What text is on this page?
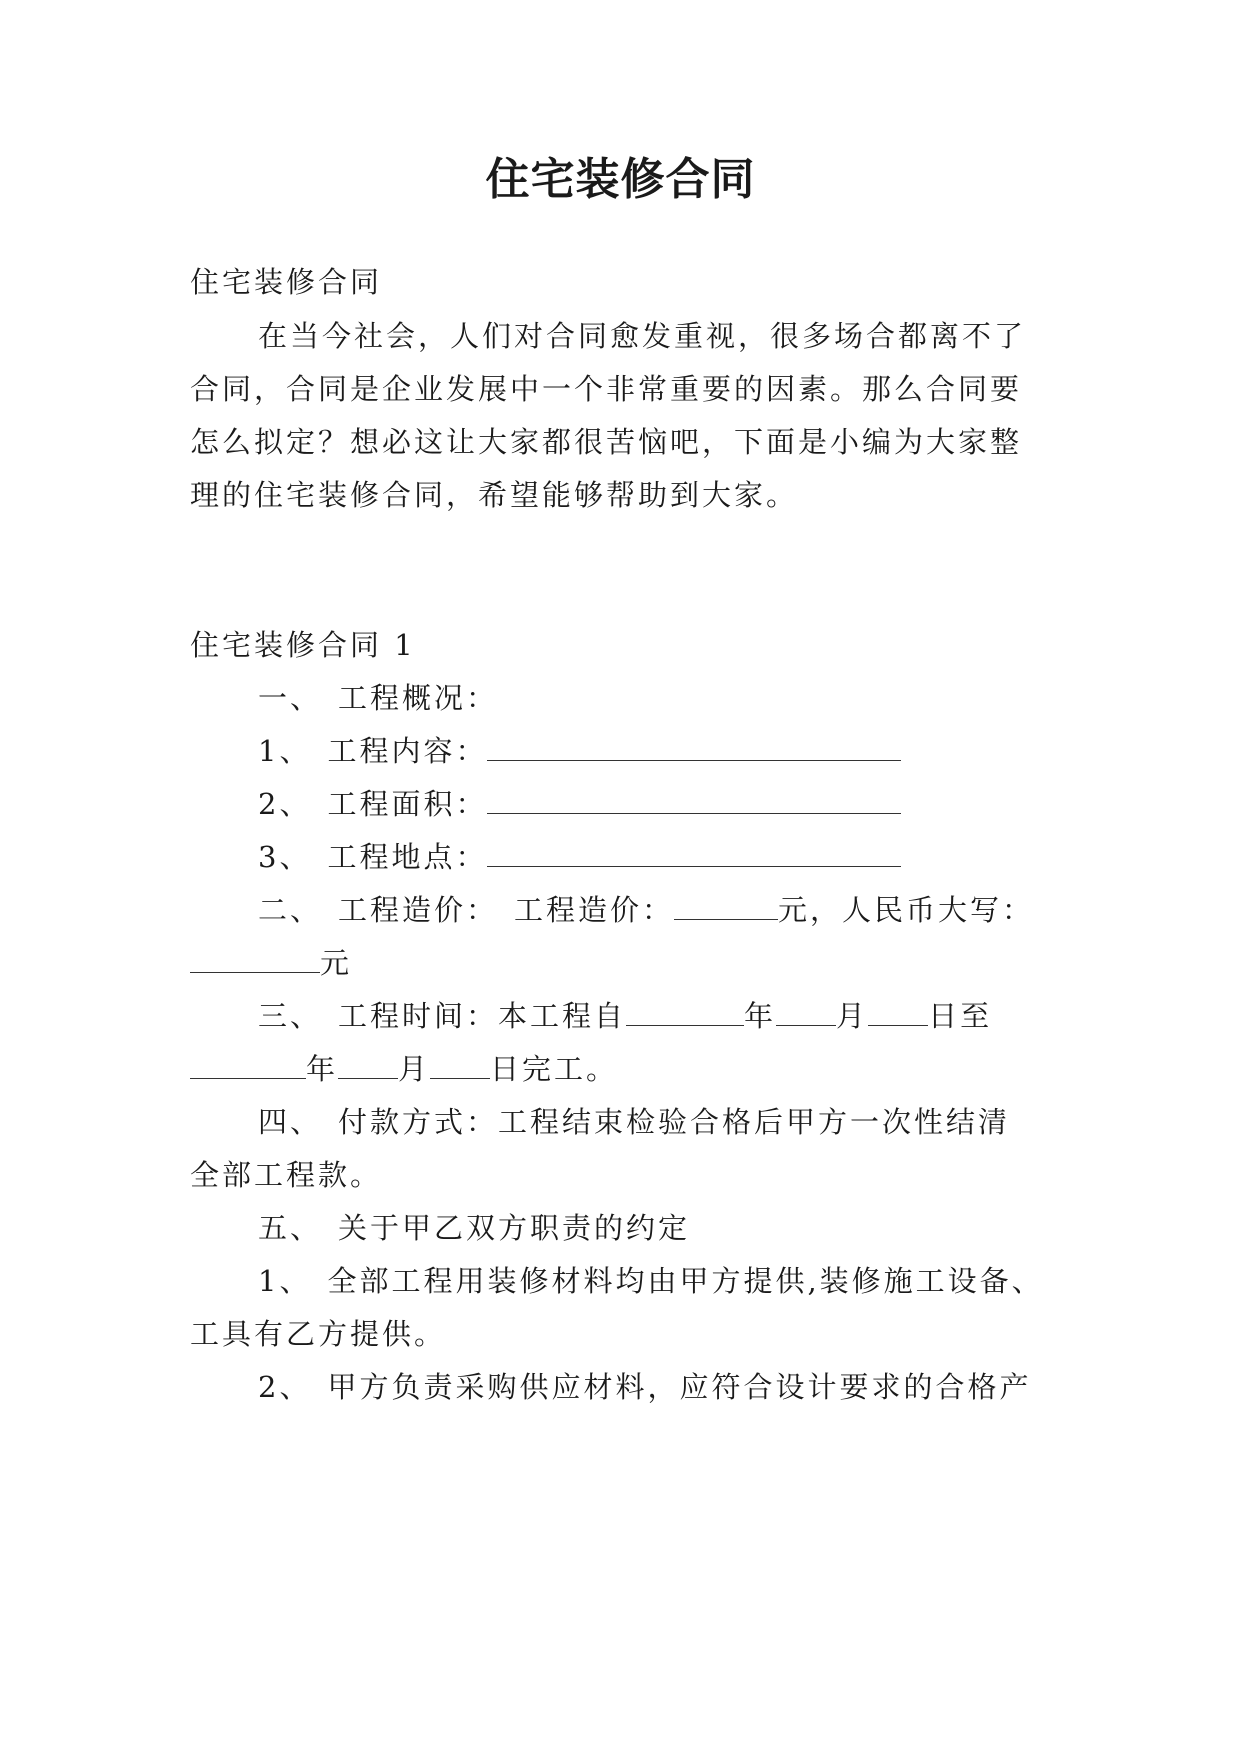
住宅装修合同
住宅装修合同
在当今社会，人们对合同愈发重视，很多场合都离不了
合同，合同是企业发展中一个非常重要的因素。那么合同要
怎么拟定？想必这让大家都很苦恼吧，下面是小编为大家整
理的住宅装修合同，希望能够帮助到大家。
住宅装修合同 1
一、 工程概况：
1、 工程内容：
2、 工程面积：
3、 工程地点：
二、 工程造价： 工程造价：	元，人民币大写：
元
三、 工程时间：本工程自	年 月 日至
年 月 日完工。
四、 付款方式：工程结束检验合格后甲方一次性结清
全部工程款。
五、 关于甲乙双方职责的约定
1、 全部工程用装修材料均由甲方提供,装修施工设备、
工具有乙方提供。
2、 甲方负责采购供应材料，应符合设计要求的合格产
